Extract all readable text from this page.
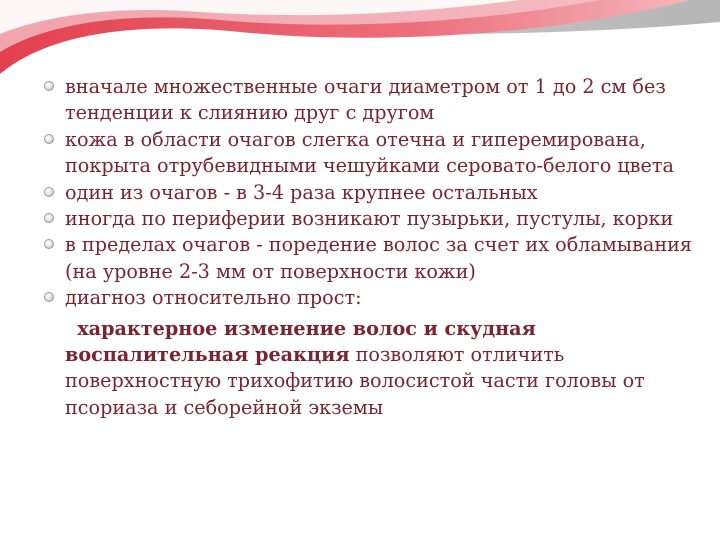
вначале множественные очаги диаметром от 1 до 2 см без тенденции к слиянию друг с другом
кожа в области очагов слегка отечна и гиперемирована, покрыта отрубевидными чешуйками серовато-белого цвета
один из очагов - в 3-4 раза крупнее остальных
иногда по периферии возникают пузырьки, пустулы, корки
в пределах очагов - поредение волос за счет их обламывания (на уровне 2-3 мм от поверхности кожи)
диагноз относительно прост:
характерное изменение волос и скудная воспалительная реакция позволяют отличить поверхностную трихофитию волосистой части головы от псориаза и себорейной экземы
